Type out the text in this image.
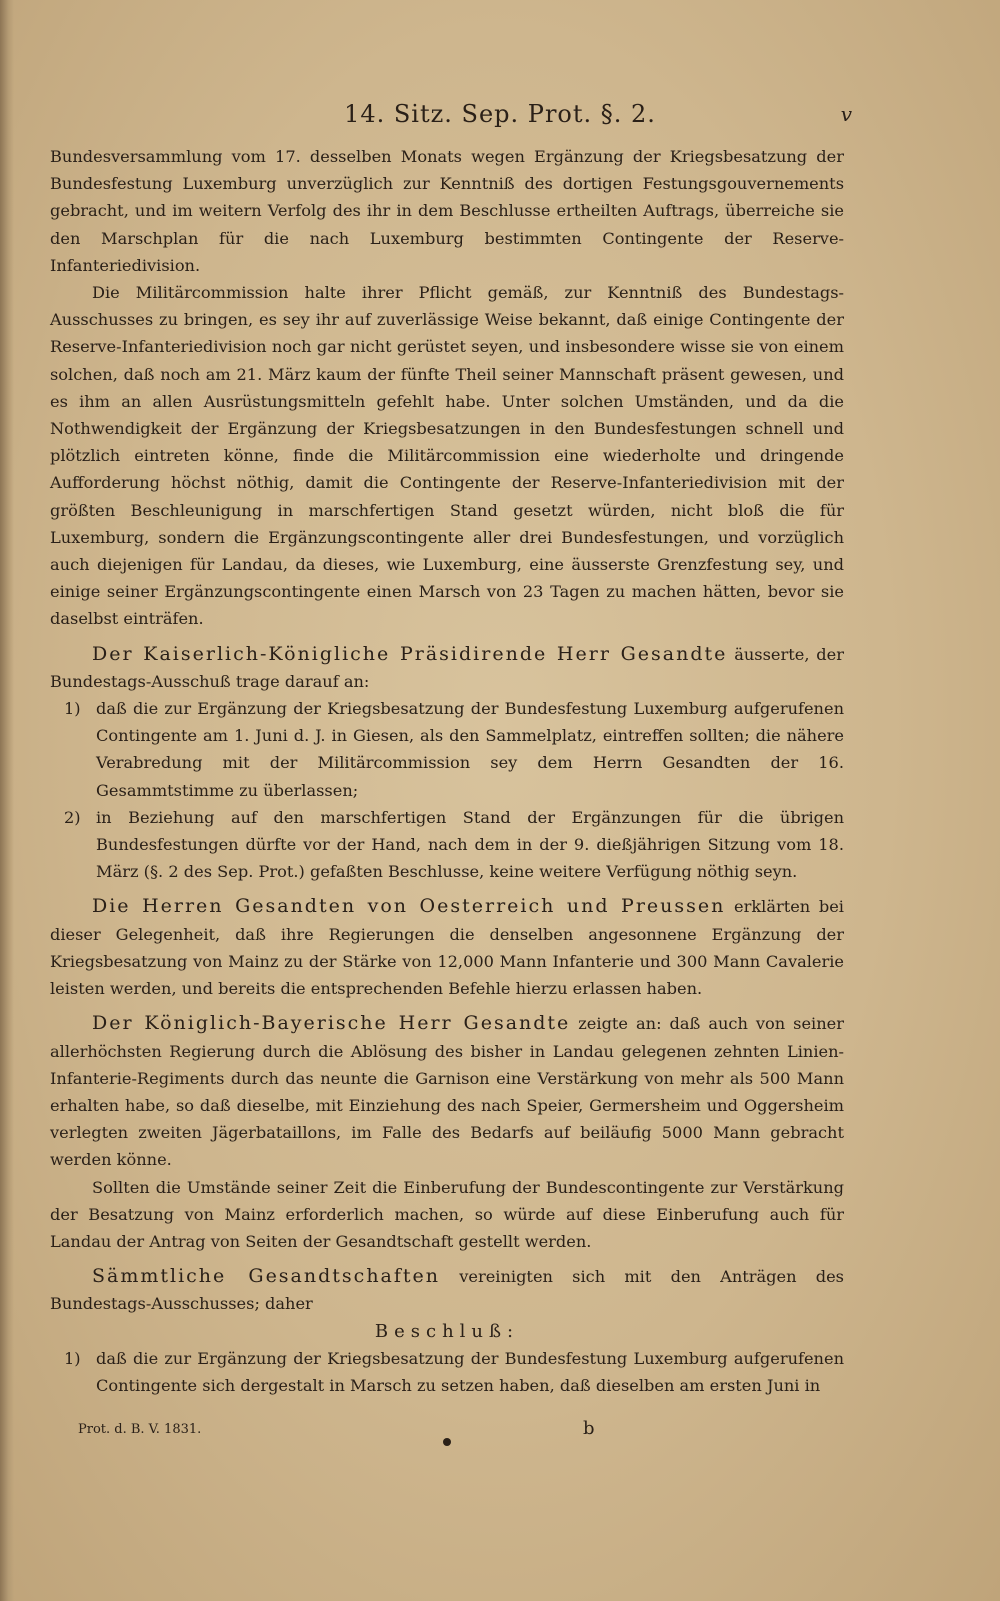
14. Sitz. Sep. Prot. §. 2.	v

Bundesversammlung vom 17. desselben Monats wegen Ergänzung der Kriegsbesatzung der Bundesfestung Luxemburg unverzüglich zur Kenntniß des dortigen Festungsgouvernements gebracht, und im weitern Verfolg des ihr in dem Beschlusse ertheilten Auftrags, überreiche sie den Marschplan für die nach Luxemburg bestimmten Contingente der Reserve-Infanteriedivision.

Die Militärcommission halte ihrer Pflicht gemäß, zur Kenntniß des Bundestags-Ausschusses zu bringen, es sey ihr auf zuverlässige Weise bekannt, daß einige Contingente der Reserve-Infanteriedivision noch gar nicht gerüstet seyen, und insbesondere wisse sie von einem solchen, daß noch am 21. März kaum der fünfte Theil seiner Mannschaft präsent gewesen, und es ihm an allen Ausrüstungsmitteln gefehlt habe. Unter solchen Umständen, und da die Nothwendigkeit der Ergänzung der Kriegsbesatzungen in den Bundesfestungen schnell und plötzlich eintreten könne, finde die Militärcommission eine wiederholte und dringende Aufforderung höchst nöthig, damit die Contingente der Reserve-Infanteriedivision mit der größten Beschleunigung in marschfertigen Stand gesetzt würden, nicht bloß die für Luxemburg, sondern die Ergänzungscontingente aller drei Bundesfestungen, und vorzüglich auch diejenigen für Landau, da dieses, wie Luxemburg, eine äusserste Grenzfestung sey, und einige seiner Ergänzungscontingente einen Marsch von 23 Tagen zu machen hätten, bevor sie daselbst einträfen.

Der Kaiserlich-Königliche Präsidirende Herr Gesandte äusserte, der Bundestags-Ausschuß trage darauf an:

1) daß die zur Ergänzung der Kriegsbesatzung der Bundesfestung Luxemburg aufgerufenen Contingente am 1. Juni d. J. in Giesen, als den Sammelplatz, eintreffen sollten; die nähere Verabredung mit der Militärcommission sey dem Herrn Gesandten der 16. Gesammtstimme zu überlassen;
2) in Beziehung auf den marschfertigen Stand der Ergänzungen für die übrigen Bundesfestungen dürfte vor der Hand, nach dem in der 9. dießjährigen Sitzung vom 18. März (§. 2 des Sep. Prot.) gefaßten Beschlusse, keine weitere Verfügung nöthig seyn.

Die Herren Gesandten von Oesterreich und Preussen erklärten bei dieser Gelegenheit, daß ihre Regierungen die denselben angesonnene Ergänzung der Kriegsbesatzung von Mainz zu der Stärke von 12,000 Mann Infanterie und 300 Mann Cavalerie leisten werden, und bereits die entsprechenden Befehle hierzu erlassen haben.

Der Königlich-Bayerische Herr Gesandte zeigte an: daß auch von seiner allerhöchsten Regierung durch die Ablösung des bisher in Landau gelegenen zehnten Linien-Infanterie-Regiments durch das neunte die Garnison eine Verstärkung von mehr als 500 Mann erhalten habe, so daß dieselbe, mit Einziehung des nach Speier, Germersheim und Oggersheim verlegten zweiten Jägerbataillons, im Falle des Bedarfs auf beiläufig 5000 Mann gebracht werden könne.

Sollten die Umstände seiner Zeit die Einberufung der Bundescontingente zur Verstärkung der Besatzung von Mainz erforderlich machen, so würde auf diese Einberufung auch für Landau der Antrag von Seiten der Gesandtschaft gestellt werden.

Sämmtliche Gesandtschaften vereinigten sich mit den Anträgen des Bundestags-Ausschusses; daher

Beschluß:

1) daß die zur Ergänzung der Kriegsbesatzung der Bundesfestung Luxemburg aufgerufenen Contingente sich dergestalt in Marsch zu setzen haben, daß dieselben am ersten Juni in
Prot. d. B. V. 1831.	b
